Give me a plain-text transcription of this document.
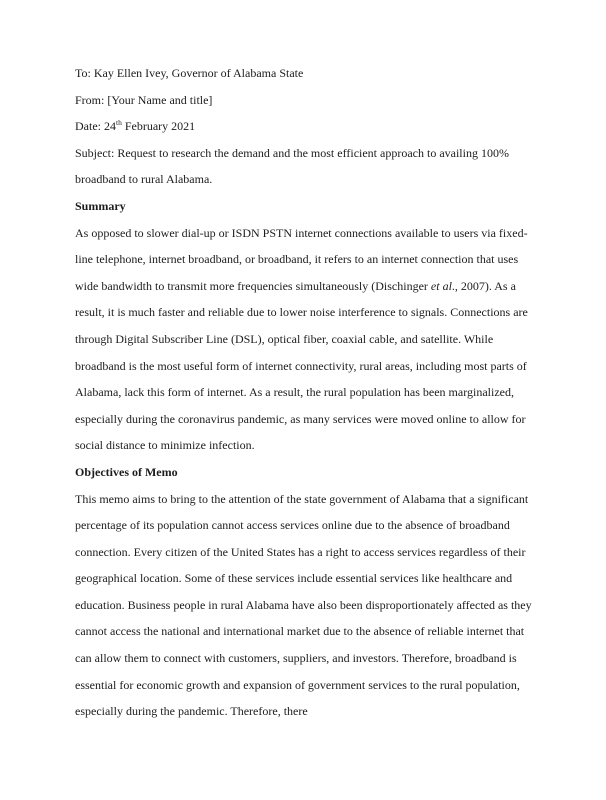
To: Kay Ellen Ivey, Governor of Alabama State

From: [Your Name and title]

Date: 24th February 2021

Subject: Request to research the demand and the most efficient approach to availing 100% broadband to rural Alabama.

Summary

As opposed to slower dial-up or ISDN PSTN internet connections available to users via fixed-line telephone, internet broadband, or broadband, it refers to an internet connection that uses wide bandwidth to transmit more frequencies simultaneously (Dischinger et al., 2007). As a result, it is much faster and reliable due to lower noise interference to signals. Connections are through Digital Subscriber Line (DSL), optical fiber, coaxial cable, and satellite. While broadband is the most useful form of internet connectivity, rural areas, including most parts of Alabama, lack this form of internet. As a result, the rural population has been marginalized, especially during the coronavirus pandemic, as many services were moved online to allow for social distance to minimize infection.

Objectives of Memo

This memo aims to bring to the attention of the state government of Alabama that a significant percentage of its population cannot access services online due to the absence of broadband connection. Every citizen of the United States has a right to access services regardless of their geographical location. Some of these services include essential services like healthcare and education. Business people in rural Alabama have also been disproportionately affected as they cannot access the national and international market due to the absence of reliable internet that can allow them to connect with customers, suppliers, and investors. Therefore, broadband is essential for economic growth and expansion of government services to the rural population, especially during the pandemic. Therefore, there
